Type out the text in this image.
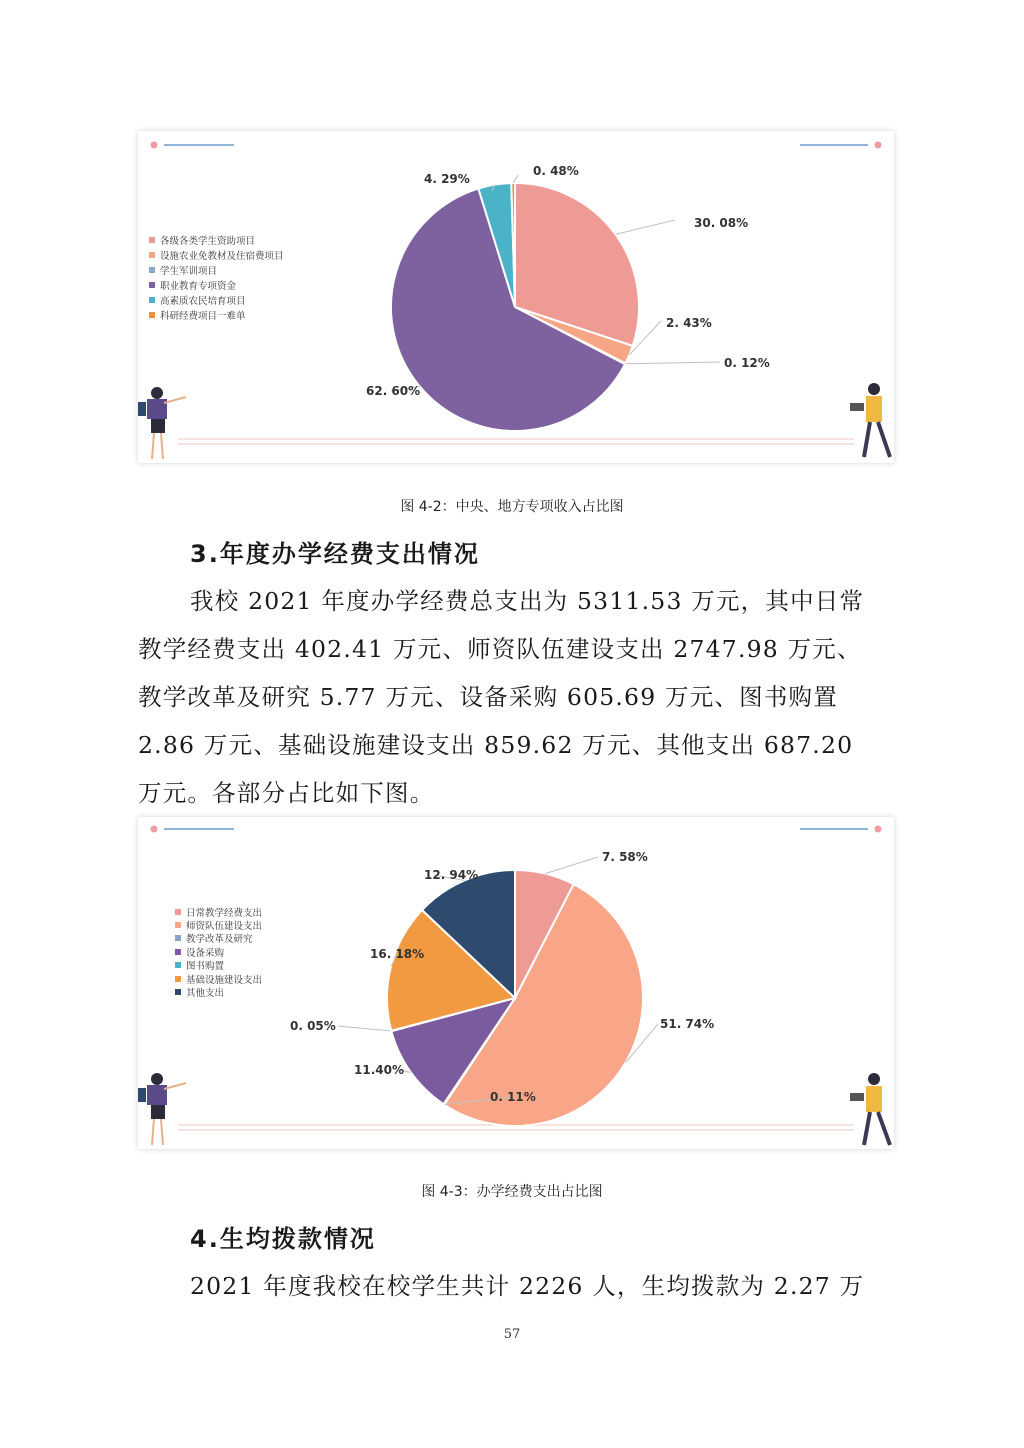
各级各类学生资助项目
设施农业免教材及住宿费项目
学生军训项目
职业教育专项资金
高素质农民培育项目
科研经费项目一难单
30. 08%
2. 43%
0. 12%
62. 60%
4. 29%
0. 48%
图 4-2：中央、地方专项收入占比图
3.年度办学经费支出情况
我校 2021 年度办学经费总支出为 5311.53 万元，其中日常
教学经费支出 402.41 万元、师资队伍建设支出 2747.98 万元、
教学改革及研究 5.77 万元、设备采购 605.69 万元、图书购置
2.86 万元、基础设施建设支出 859.62 万元、其他支出 687.20
万元。各部分占比如下图。
日常教学经费支出
师资队伍建设支出
教学改革及研究
设备采购
图书购置
基础设施建设支出
其他支出
7. 58%
51. 74%
0. 11%
11.40%
0. 05%
16. 18%
12. 94%
图 4-3：办学经费支出占比图
4.生均拨款情况
2021 年度我校在校学生共计 2226 人，生均拨款为 2.27 万
57
